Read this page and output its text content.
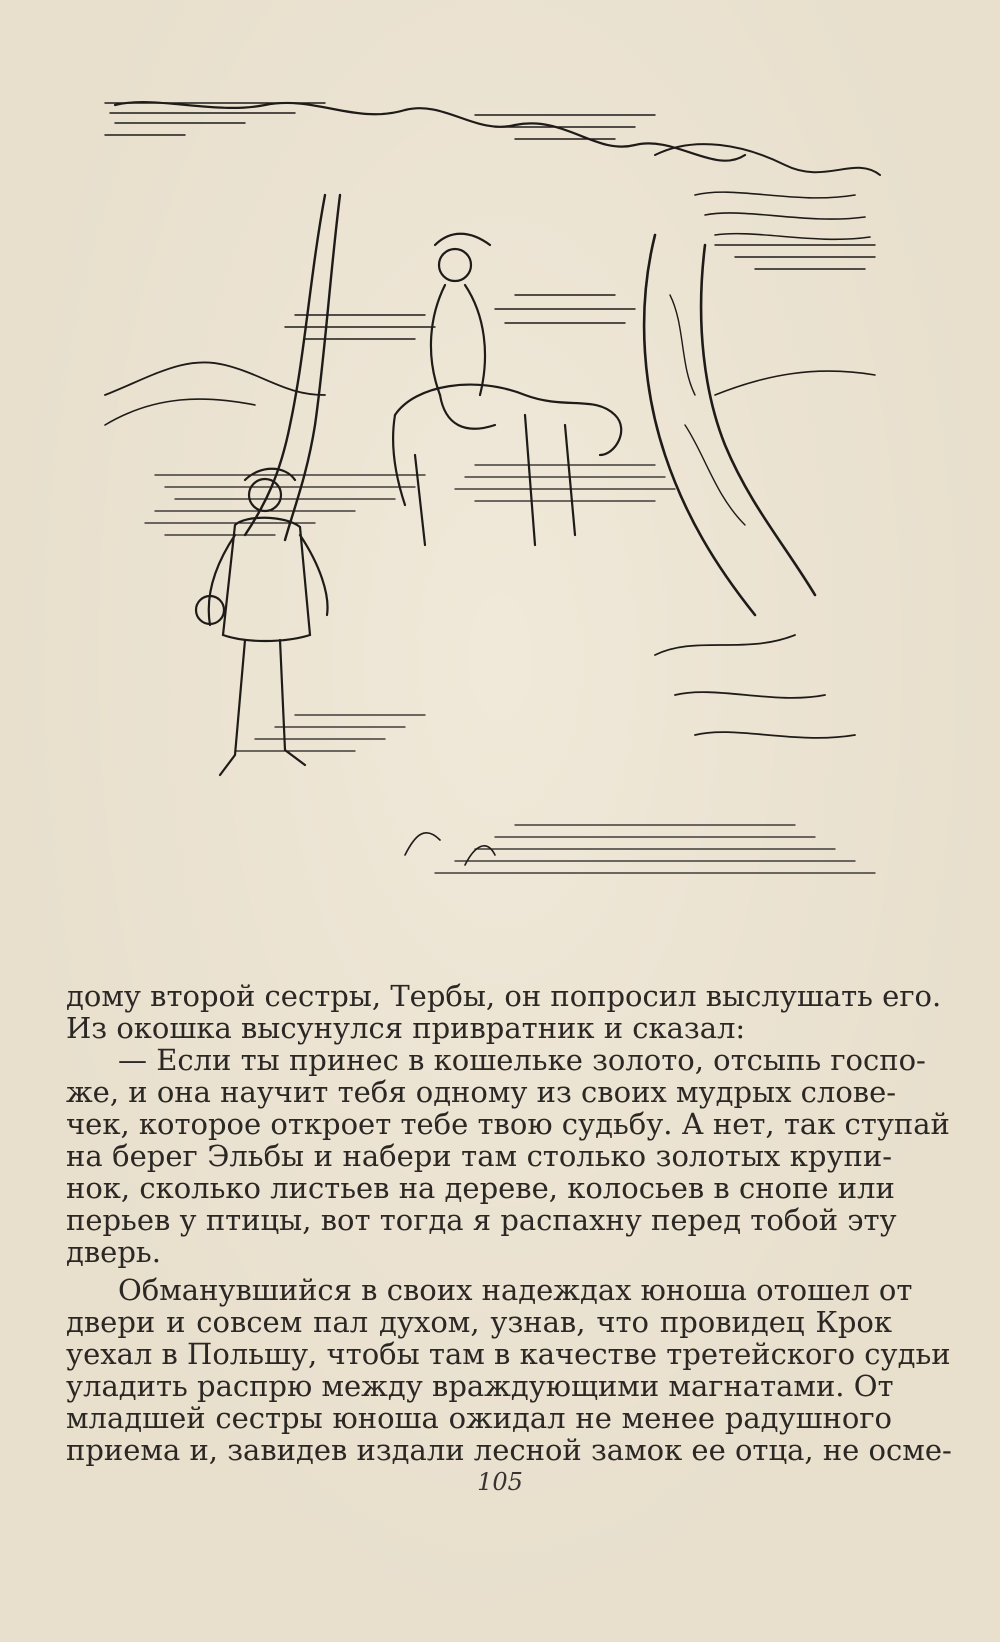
дому второй сестры, Тербы, он попросил выслушать его.
Из окошка высунулся привратник и сказал:
— Если ты принес в кошельке золото, отсыпь госпо-
же, и она научит тебя одному из своих мудрых слове-
чек, которое откроет тебе твою судьбу. А нет, так ступай
на берег Эльбы и набери там столько золотых крупи-
нок, сколько листьев на дереве, колосьев в снопе или
перьев у птицы, вот тогда я распахну перед тобой эту
дверь.
Обманувшийся в своих надеждах юноша отошел от
двери и совсем пал духом, узнав, что провидец Крок
уехал в Польшу, чтобы там в качестве третейского судьи
уладить распрю между враждующими магнатами. От
младшей сестры юноша ожидал не менее радушного
приема и, завидев издали лесной замок ее отца, не осме-
105
